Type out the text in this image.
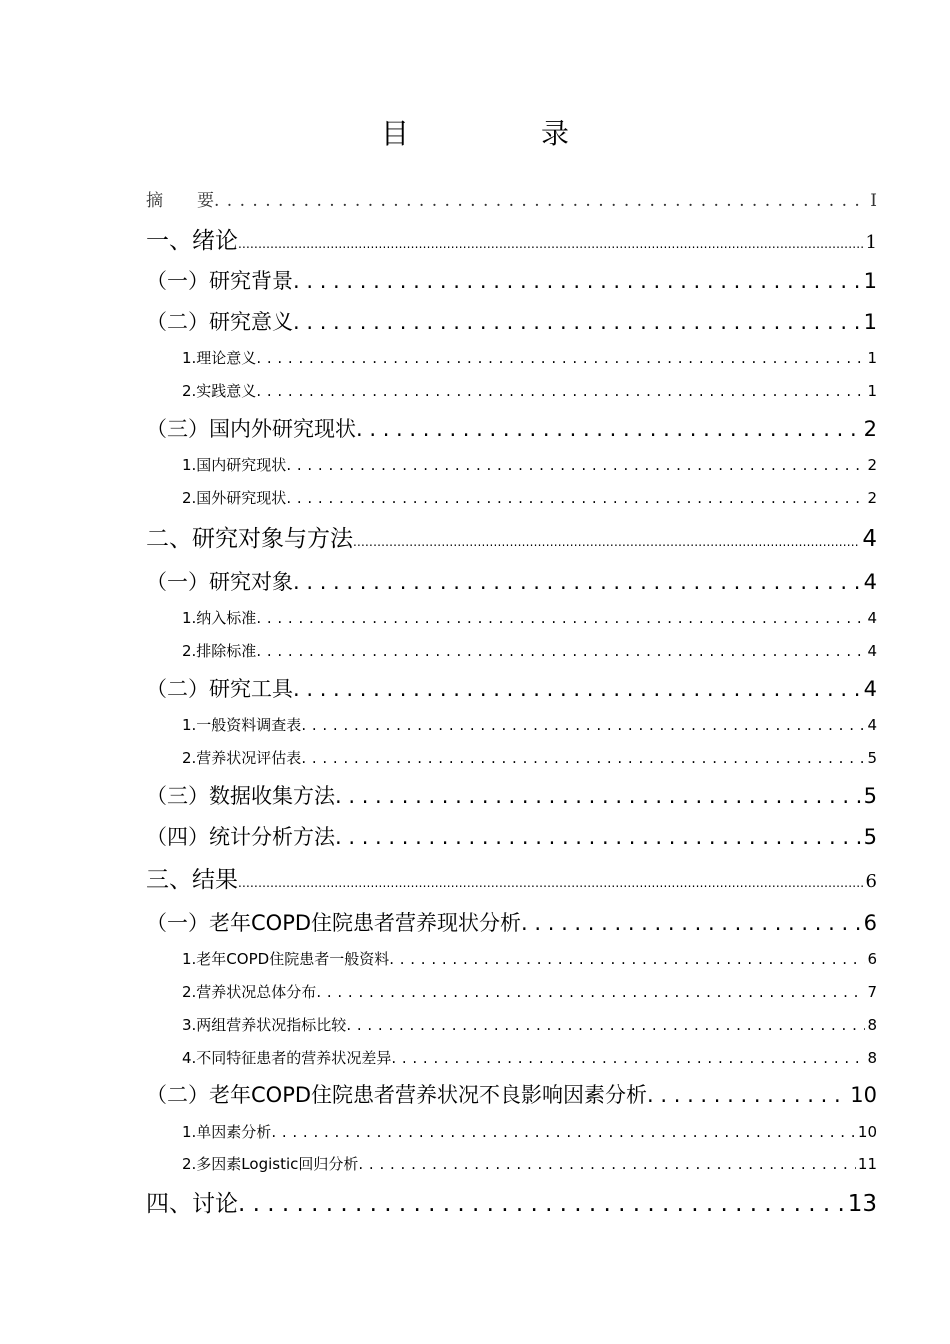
目　录
摘　　要 . . .	I
一、绪论 .....	1
（一）研究背景 . . .	1
（二）研究意义 . . .	1
1.理论意义 . . .	1
2.实践意义 . . .	1
（三）国内外研究现状 . . .	2
1.国内研究现状 . . .	2
2.国外研究现状 . . .	2
二、研究对象与方法 .....	4
（一）研究对象 . . .	4
1.纳入标准 . . .	4
2.排除标准 . . .	4
（二）研究工具 . . .	4
1.一般资料调查表 . . .	4
2.营养状况评估表 . . .	5
（三）数据收集方法 . . .	5
（四）统计分析方法 . . .	5
三、结果 .....	6
（一）老年COPD住院患者营养现状分析 . . .	6
1.老年COPD住院患者一般资料 . . .	6
2.营养状况总体分布 . . .	7
3.两组营养状况指标比较 . . .	8
4.不同特征患者的营养状况差异 . . .	8
（二）老年COPD住院患者营养状况不良影响因素分析 . . .	10
1.单因素分析 . . .	10
2.多因素Logistic回归分析 . . .	11
四、讨论 . . .	13
